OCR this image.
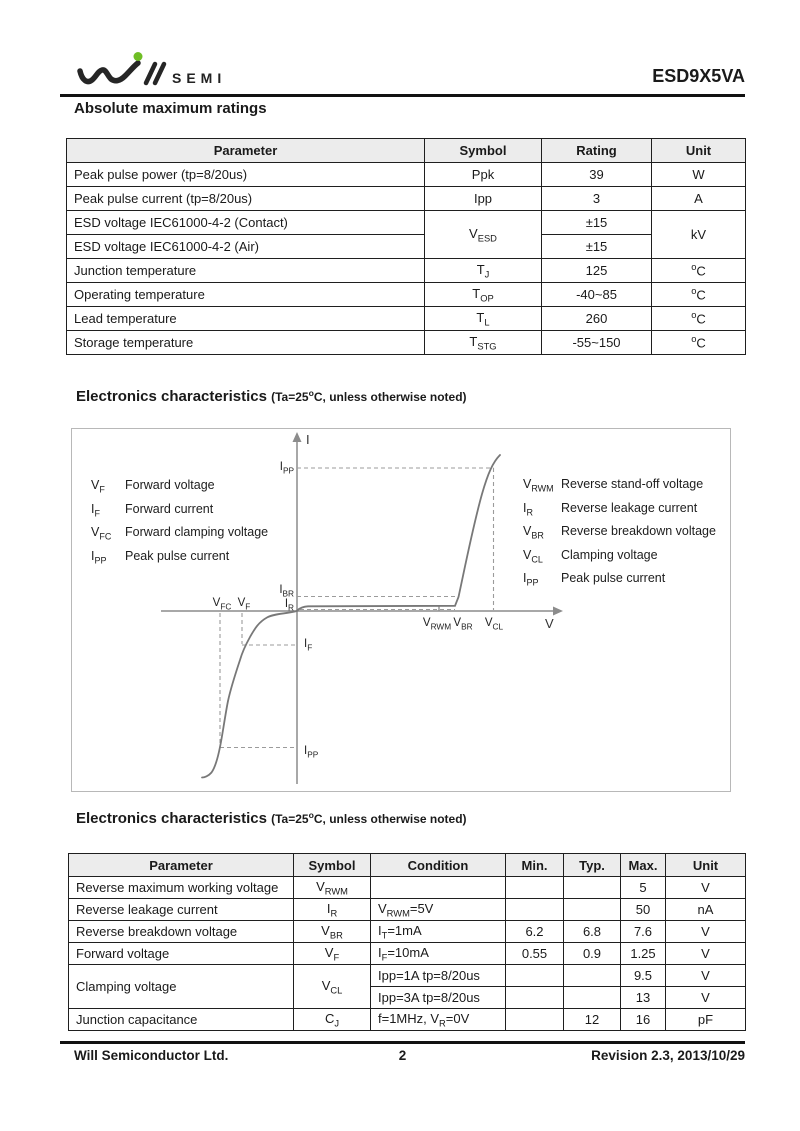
SEMI	ESD9X5VA
Absolute maximum ratings
Parameter	Symbol	Rating	Unit
Peak pulse power (tp=8/20us)	Ppk	39	W
Peak pulse current (tp=8/20us)	Ipp	3	A
ESD voltage IEC61000-4-2 (Contact)	$V_{ESD}$	±15	kV
ESD voltage IEC61000-4-2 (Air)		±15	
Junction temperature	$T_J$	125	$^o$C
Operating temperature	$T_{OP}$	-40~85	$^o$C
Lead temperature	$T_L$	260	$^o$C
Storage temperature	$T_{STG}$	-55~150	$^o$C
Electronics characteristics ($Ta=25^oC$, unless otherwise noted)
I
V
$I_{PP}$
$I_{BR}$
$I_R$
$V_{FC}$ $V_F$
$V_{RWM}$ $V_{BR}$ $V_{CL}$
$I_F$
$I_{PP}$
$V_F$	Forward voltage
$I_F$	Forward current
$V_{FC}$	Forward clamping voltage
$I_{PP}$	Peak pulse current
$V_{RWM}$ Reverse stand-off voltage
$I_R$	Reverse leakage current
$V_{BR}$	Reverse breakdown voltage
$V_{CL}$	Clamping voltage
$I_{PP}$	Peak pulse current
Electronics characteristics ($Ta=25^oC$, unless otherwise noted)
Parameter	Symbol	Condition	Min.	Typ.	Max.	Unit
Reverse maximum working voltage	$V_{RWM}$				5	V
Reverse leakage current	$I_R$	$V_{RWM}=5V$			50	nA
Reverse breakdown voltage	$V_{BR}$	$I_T=1mA$	6.2	6.8	7.6	V
Forward voltage	$V_F$	$I_F=10mA$	0.55	0.9	1.25	V
Clamping voltage	$V_{CL}$	Ipp=1A tp=8/20us			9.5	V
		Ipp=3A tp=8/20us			13	V
Junction capacitance	$C_J$	f=1MHz, $V_R=0V$		12	16	pF
Will Semiconductor Ltd.	2	Revision 2.3, 2013/10/29
